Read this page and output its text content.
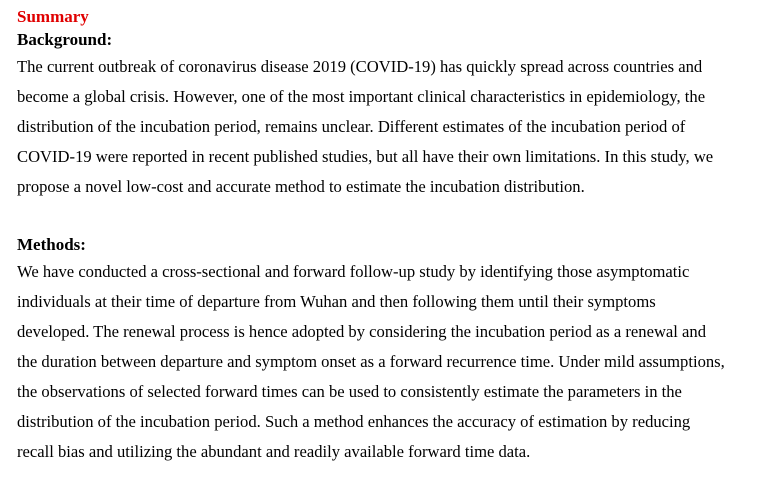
Summary
Background:
The current outbreak of coronavirus disease 2019 (COVID-19) has quickly spread across countries and
become a global crisis. However, one of the most important clinical characteristics in epidemiology, the
distribution of the incubation period, remains unclear. Different estimates of the incubation period of
COVID-19 were reported in recent published studies, but all have their own limitations. In this study, we
propose a novel low-cost and accurate method to estimate the incubation distribution.
Methods:
We have conducted a cross-sectional and forward follow-up study by identifying those asymptomatic
individuals at their time of departure from Wuhan and then following them until their symptoms
developed. The renewal process is hence adopted by considering the incubation period as a renewal and
the duration between departure and symptom onset as a forward recurrence time. Under mild assumptions,
the observations of selected forward times can be used to consistently estimate the parameters in the
distribution of the incubation period. Such a method enhances the accuracy of estimation by reducing
recall bias and utilizing the abundant and readily available forward time data.
